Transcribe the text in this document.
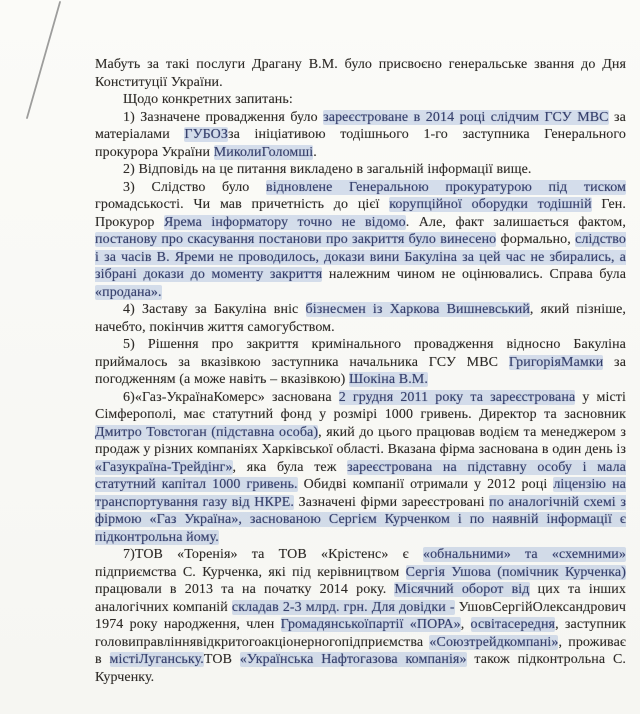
Мабуть за такі послуги Драгану В.М. було присвоєно генеральське звання до Дня Конституції України.

Щодо конкретних запитань:

1) Зазначене провадження було зареєстроване в 2014 році слідчим ГСУ МВС за матеріалами ГУБОЗза ініціативою тодішнього 1-го заступника Генерального прокурора України МиколиГоломші.

2) Відповідь на це питання викладено в загальній інформації вище.

3) Слідство було відновлене Генеральною прокуратурою під тиском громадськості. Чи мав причетність до цієї корупційної оборудки тодішній Ген. Прокурор Ярема інформатору точно не відомо. Але, факт залишається фактом, постанову про скасування постанови про закриття було винесено формально, слідство і за часів В. Яреми не проводилось, докази вини Бакуліна за цей час не збирались, а зібрані докази до моменту закриття належним чином не оцінювались. Справа була «продана».

4) Заставу за Бакуліна вніс бізнесмен із Харкова Вишневський, який пізніше, начебто, покінчив життя самогубством.

5) Рішення про закриття кримінального провадження відносно Бакуліна приймалось за вказівкою заступника начальника ГСУ МВС ГригоріяМамки за погодженням (а може навіть – вказівкою) Шокіна В.М.

6)«Газ-УкраїнаКомерс» заснована 2 грудня 2011 року та зареєстрована у місті Сімферополі, має статутний фонд у розмірі 1000 гривень. Директор та засновник Дмитро Товстоган (підставна особа), який до цього працював водієм та менеджером з продаж у різних компаніях Харківської області. Вказана фірма заснована в один день із «Газукраїна-Трейдінг», яка була теж зареєстрована на підставну особу і мала статутний капітал 1000 гривень. Обидві компанії отримали у 2012 році ліцензію на транспортування газу від НКРЕ. Зазначені фірми зареєстровані по аналогічній схемі з фірмою «Газ Україна», заснованою Сергієм Курченком і по наявній інформації є підконтрольна йому.

7)ТОВ «Торенія» та ТОВ «Крістенс» є «обнальними» та «схемними» підприємства С. Курченка, які під керівництвом Сергія Ушова (помічник Курченка) працювали в 2013 та на початку 2014 року. Місячний оборот від цих та інших аналогічних компаній складав 2-3 млрд. грн. Для довідки - УшовСергійОлександрович 1974 року народження, член Громадянськоїпартії «ПОРА», освітасередня, заступник головиправліннявідкритогоакціонерногопідприємства «Союзтрейдкомпані», проживає в містіЛуганську.ТОВ «Українська Нафтогазова компанія» також підконтрольна С. Курченку.
